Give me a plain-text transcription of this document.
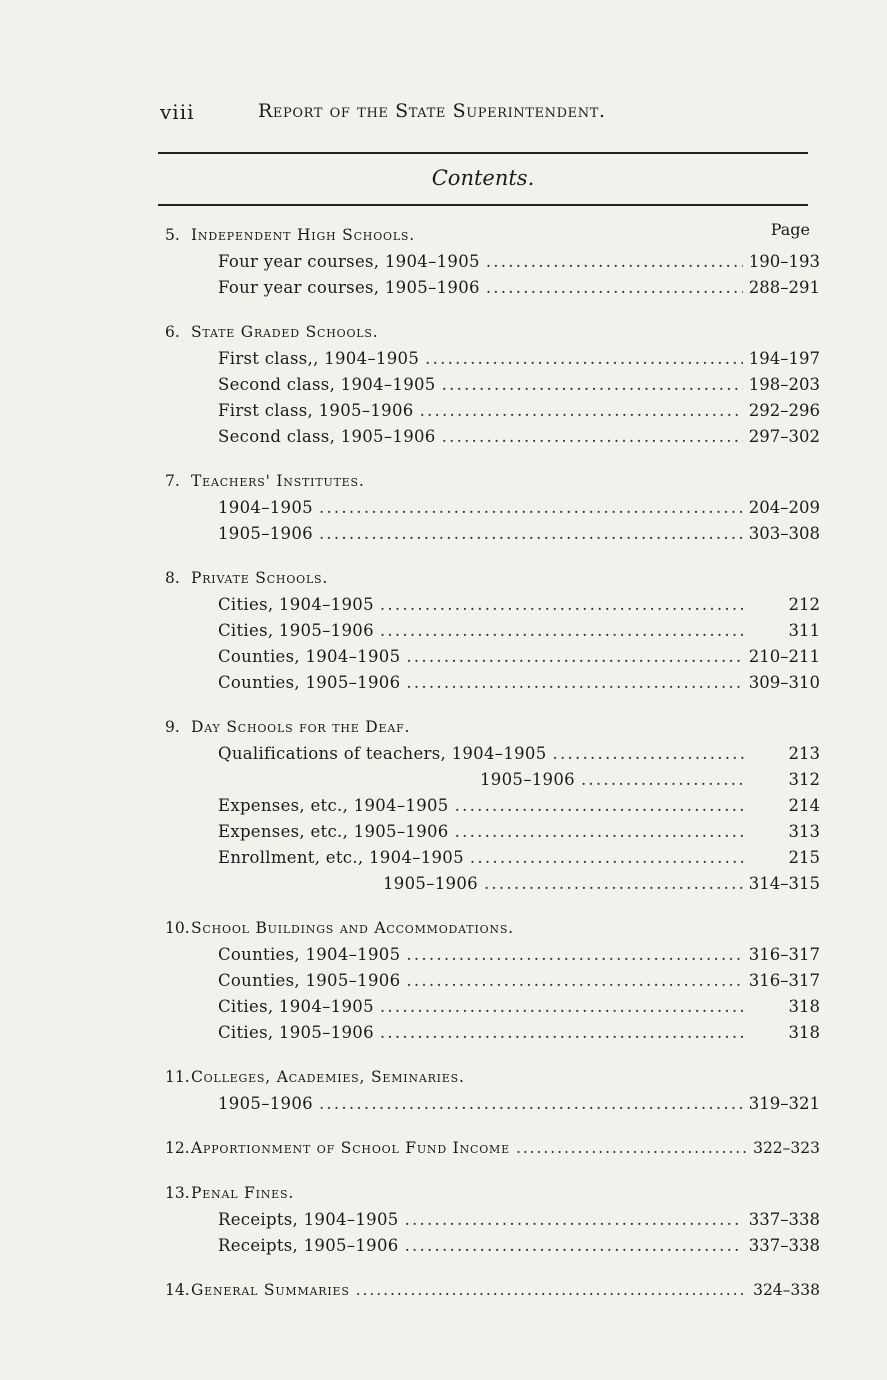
viii	Report of the State Superintendent.
Contents.
Page
5. Independent High Schools.
Four year courses, 1904–1905 . . .	190–193
Four year courses, 1905–1906 . . .	288–291
6. State Graded Schools.
First class,, 1904–1905 . . .	194–197
Second class, 1904–1905 . . .	198–203
First class, 1905–1906 . . .	292–296
Second class, 1905–1906 . . .	297–302
7. Teachers' Institutes.
1904–1905 . . .	204–209
1905–1906 . . .	303–308
8. Private Schools.
Cities, 1904–1905 . . .	212
Cities, 1905–1906 . . .	311
Counties, 1904–1905 . . .	210–211
Counties, 1905–1906 . . .	309–310
9. Day Schools for the Deaf.
Qualifications of teachers, 1904–1905 . . .	213
1905–1906 . . .	312
Expenses, etc., 1904–1905 . . .	214
Expenses, etc., 1905–1906 . . .	313
Enrollment, etc., 1904–1905 . . .	215
1905–1906 . . .	314–315
10. School Buildings and Accommodations.
Counties, 1904–1905 . . .	316–317
Counties, 1905–1906 . . .	316–317
Cities, 1904–1905 . . .	318
Cities, 1905–1906 . . .	318
11. Colleges, Academies, Seminaries.
1905–1906 . . .	319–321
12. Apportionment of School Fund Income . . .	322–323
13. Penal Fines.
Receipts, 1904–1905 . . .	337–338
Receipts, 1905–1906 . . .	337–338
14. General Summaries . . .	324–338
